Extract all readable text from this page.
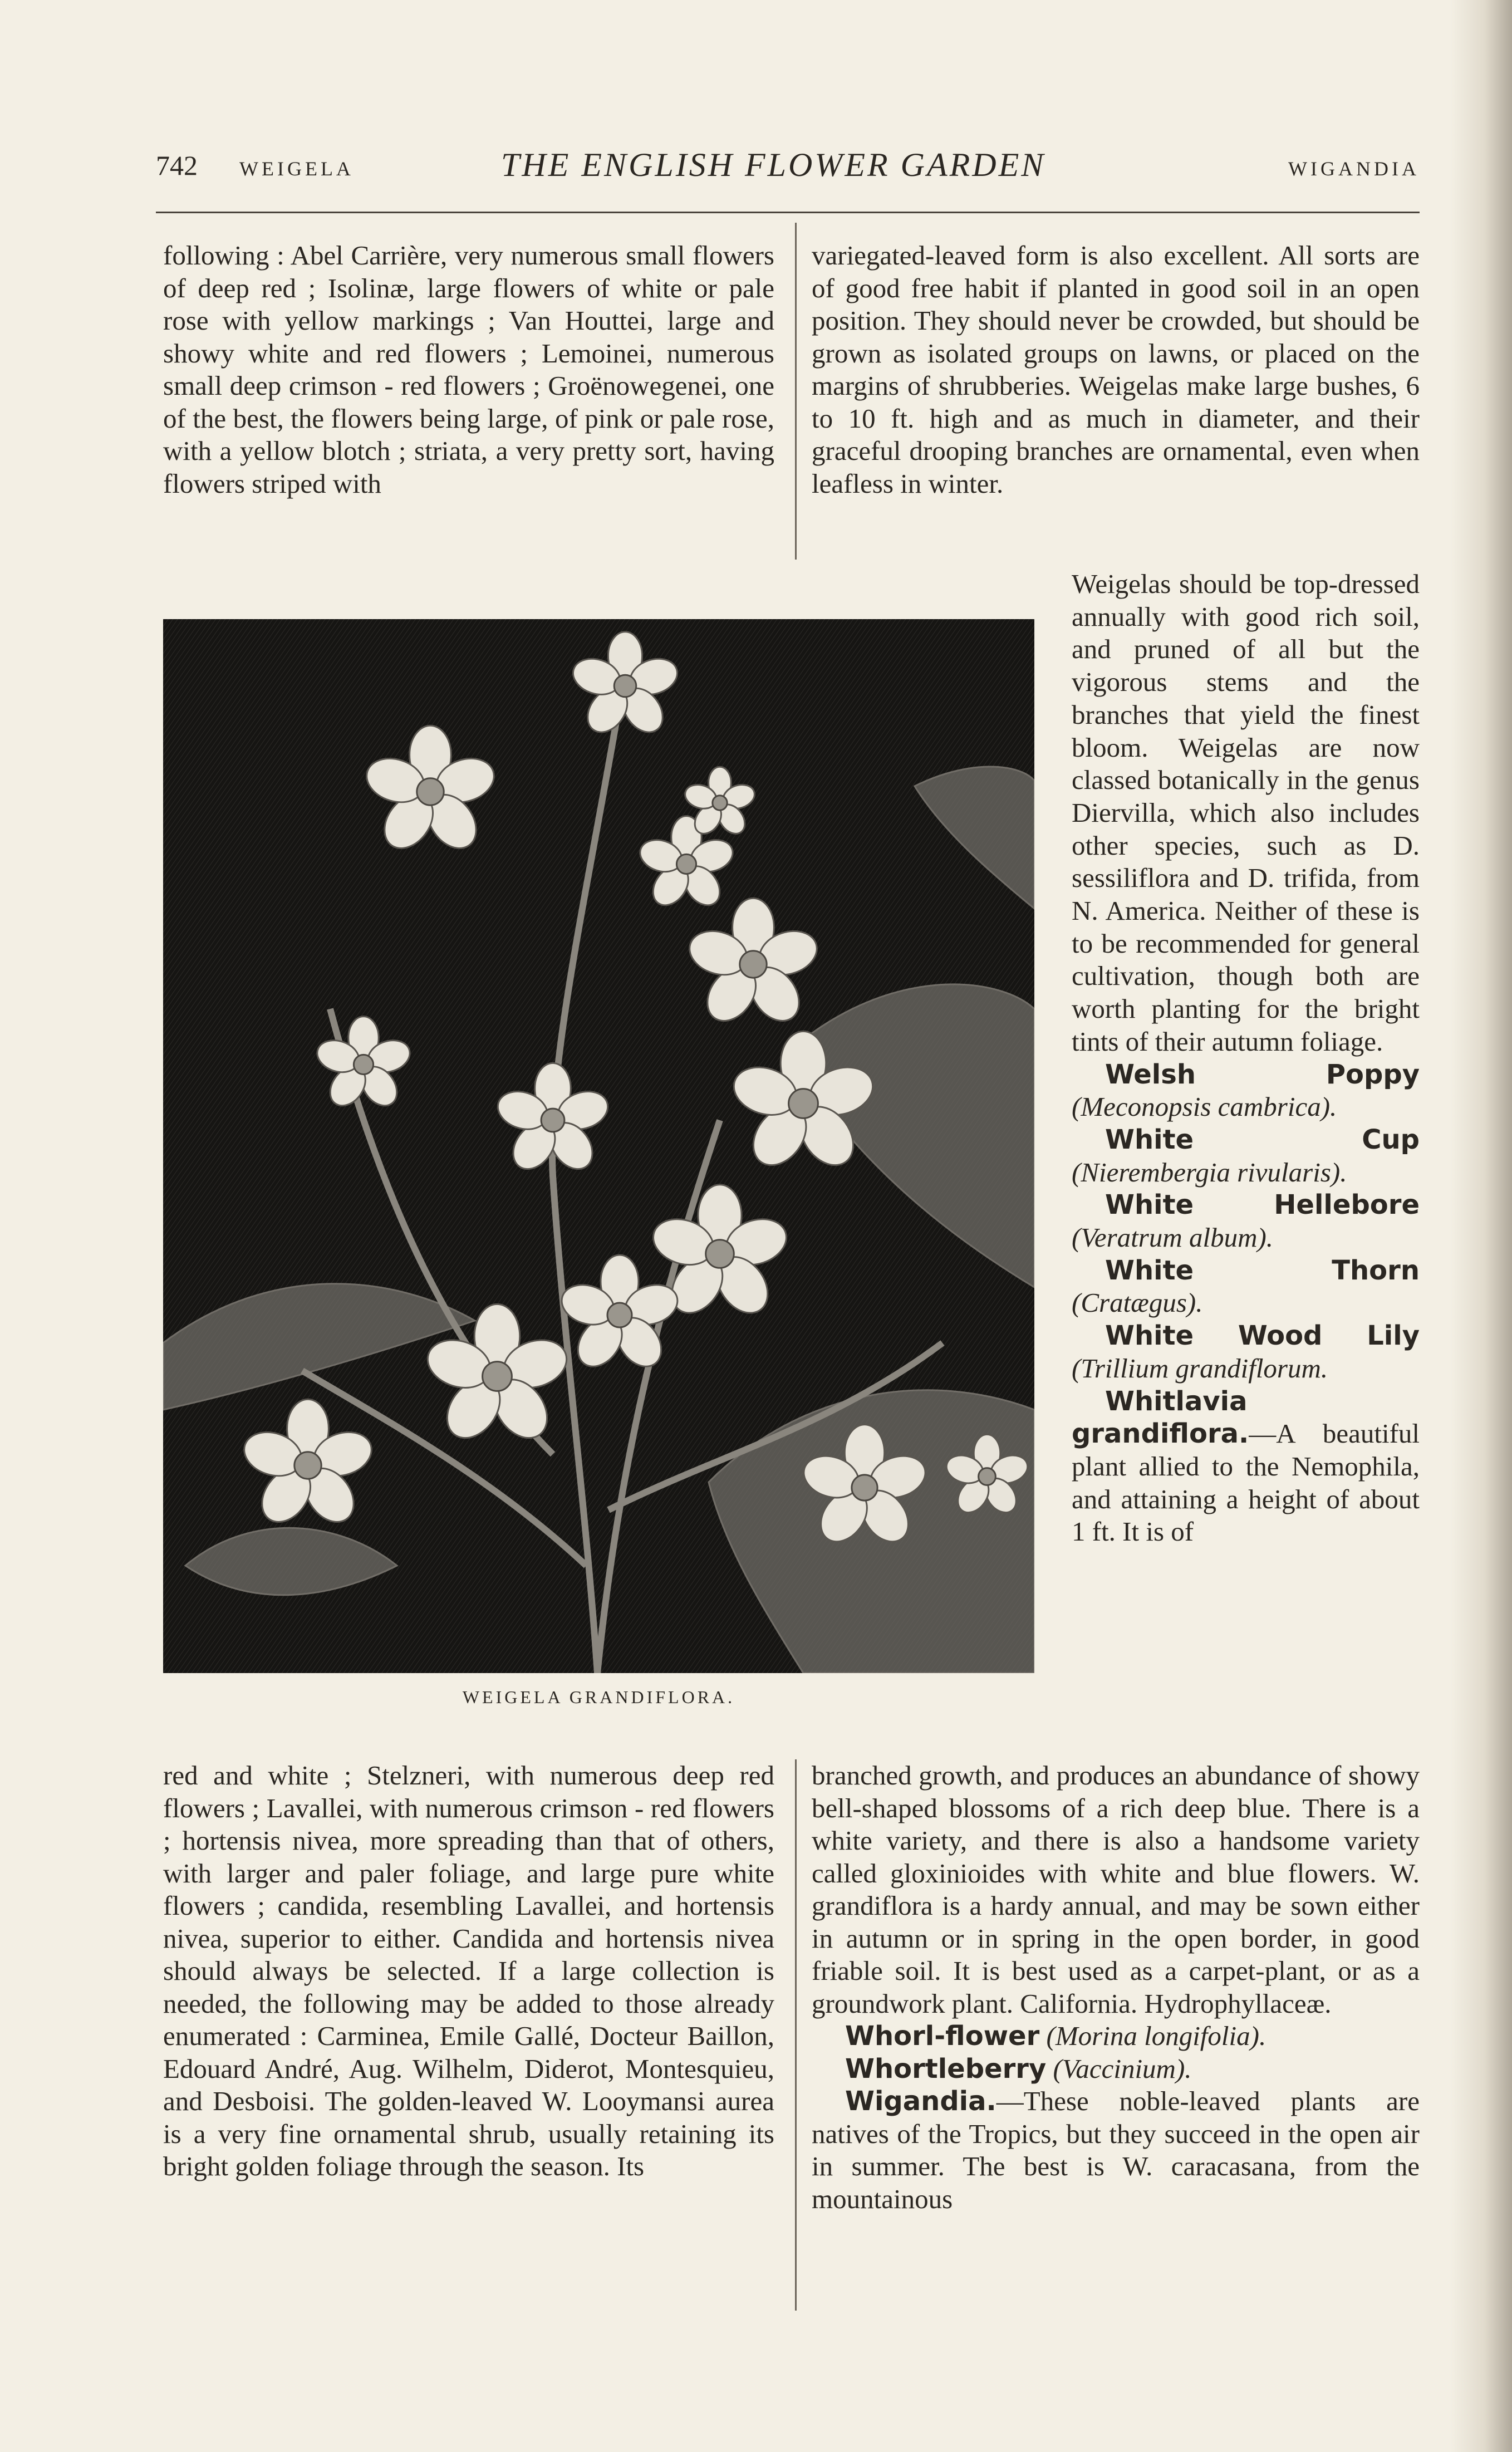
742 WEIGELA	THE ENGLISH FLOWER GARDEN	WIGANDIA

following : Abel Carrière, very numerous small flowers of deep red ; Isolinæ, large flowers of white or pale rose with yellow markings ; Van Houttei, large and showy white and red flowers ; Lemoinei, numerous small deep crimson - red flowers ; Groënowegenei, one of the best, the flowers being large, of pink or pale rose, with a yellow blotch ; striata, a very pretty sort, having flowers striped with

variegated-leaved form is also excellent. All sorts are of good free habit if planted in good soil in an open position. They should never be crowded, but should be grown as isolated groups on lawns, or placed on the margins of shrubberies. Weigelas make large bushes, 6 to 10 ft. high and as much in diameter, and their graceful drooping branches are ornamental, even when leafless in winter.

Weigelas should be top-dressed annually with good rich soil, and pruned of all but the vigorous stems and the branches that yield the finest bloom. Weigelas are now classed botanically in the genus Diervilla, which also includes other species, such as D. sessiliflora and D. trifida, from N. America. Neither of these is to be recommended for general cultivation, though both are worth planting for the bright tints of their autumn foliage.

Welsh Poppy (Meconopsis cambrica).

White Cup (Nierembergia rivularis).

White Hellebore (Veratrum album).

White Thorn (Cratægus).

White Wood Lily (Trillium grandiflorum.

Whitlavia grandiflora.—A beautiful plant allied to the Nemophila, and attaining a height of about 1 ft. It is of

WEIGELA GRANDIFLORA.

red and white ; Stelzneri, with numerous deep red flowers ; Lavallei, with numerous crimson - red flowers ; hortensis nivea, more spreading than that of others, with larger and paler foliage, and large pure white flowers ; candida, resembling Lavallei, and hortensis nivea, superior to either. Candida and hortensis nivea should always be selected. If a large collection is needed, the following may be added to those already enumerated : Carminea, Emile Gallé, Docteur Baillon, Edouard André, Aug. Wilhelm, Diderot, Montesquieu, and Desboisi. The golden-leaved W. Looymansi aurea is a very fine ornamental shrub, usually retaining its bright golden foliage through the season. Its

branched growth, and produces an abundance of showy bell-shaped blossoms of a rich deep blue. There is a white variety, and there is also a handsome variety called gloxinioides with white and blue flowers. W. grandiflora is a hardy annual, and may be sown either in autumn or in spring in the open border, in good friable soil. It is best used as a carpet-plant, or as a groundwork plant. California. Hydrophyllaceæ.

Whorl-flower (Morina longifolia).

Whortleberry (Vaccinium).

Wigandia.—These noble-leaved plants are natives of the Tropics, but they succeed in the open air in summer. The best is W. caracasana, from the mountainous
